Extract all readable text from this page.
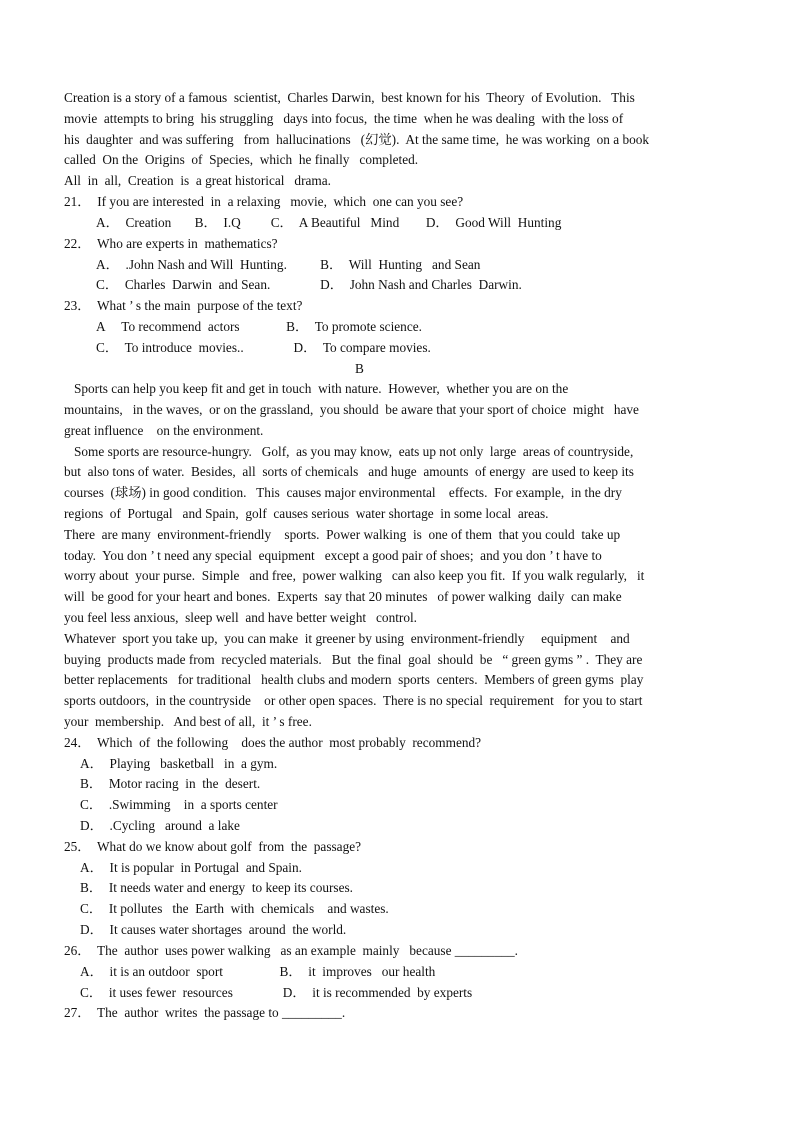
Creation is a story of a famous  scientist,  Charles Darwin,  best known for his  Theory  of Evolution.   This
movie  attempts to bring  his struggling   days into focus,  the time  when he was dealing  with the loss of
his  daughter  and was suffering   from  hallucinations   (幻觉).  At the same time,  he was working  on a book
called  On the  Origins  of  Species,  which  he finally   completed.
All  in  all,  Creation  is  a great historical   drama.
21．  If you are interested  in  a relaxing   movie,  which  one can you see?
A．  Creation       B．  I.Q         C．  A Beautiful   Mind        D．  Good Will  Hunting
22．  Who are experts in  mathematics?
A．  .John Nash and Will  Hunting.          B．  Will  Hunting   and Sean
C．  Charles  Darwin  and Sean.               D．  John Nash and Charles  Darwin.
23．  What ’ s the main  purpose of the text?
A     To recommend  actors              B．  To promote science.
C．  To introduce  movies..               D．  To compare movies.
B
Sports can help you keep fit and get in touch  with nature.  However,  whether you are on the
mountains,   in the waves,  or on the grassland,  you should  be aware that your sport of choice  might   have
great influence    on the environment.
Some sports are resource-hungry.   Golf,  as you may know,  eats up not only  large  areas of countryside,
but  also tons of water.  Besides,  all  sorts of chemicals   and huge  amounts  of energy  are used to keep its
courses  (球场) in good condition.   This  causes major environmental    effects.  For example,  in the dry
regions  of  Portugal   and Spain,  golf  causes serious  water shortage  in some local  areas.
There  are many  environment-friendly    sports.  Power walking  is  one of them  that you could  take up
today.  You don ’ t need any special  equipment   except a good pair of shoes;  and you don ’ t have to
worry about  your purse.  Simple   and free,  power walking   can also keep you fit.  If you walk regularly,   it
will  be good for your heart and bones.  Experts  say that 20 minutes   of power walking  daily  can make
you feel less anxious,  sleep well  and have better weight   control.
Whatever  sport you take up,  you can make  it greener by using  environment-friendly     equipment    and
buying  products made from  recycled materials.   But  the final  goal  should  be   “ green gyms ” .  They are
better replacements   for traditional   health clubs and modern  sports  centers.  Members of green gyms  play
sports outdoors,  in the countryside    or other open spaces.  There is no special  requirement   for you to start
your  membership.   And best of all,  it ’ s free.
24．  Which  of  the following    does the author  most probably  recommend?
A．  Playing   basketball   in  a gym.
B．  Motor racing  in  the  desert.
C．  .Swimming    in  a sports center
D．  .Cycling   around  a lake
25．  What do we know about golf  from  the  passage?
A．  It is popular  in Portugal  and Spain.
B．  It needs water and energy  to keep its courses.
C．  It pollutes   the  Earth  with  chemicals    and wastes.
D．  It causes water shortages  around  the world.
26．  The  author  uses power walking   as an example  mainly   because _________.
A．  it is an outdoor  sport                 B．  it  improves   our health
C．  it uses fewer  resources               D．  it is recommended  by experts
27．  The  author  writes  the passage to _________.
